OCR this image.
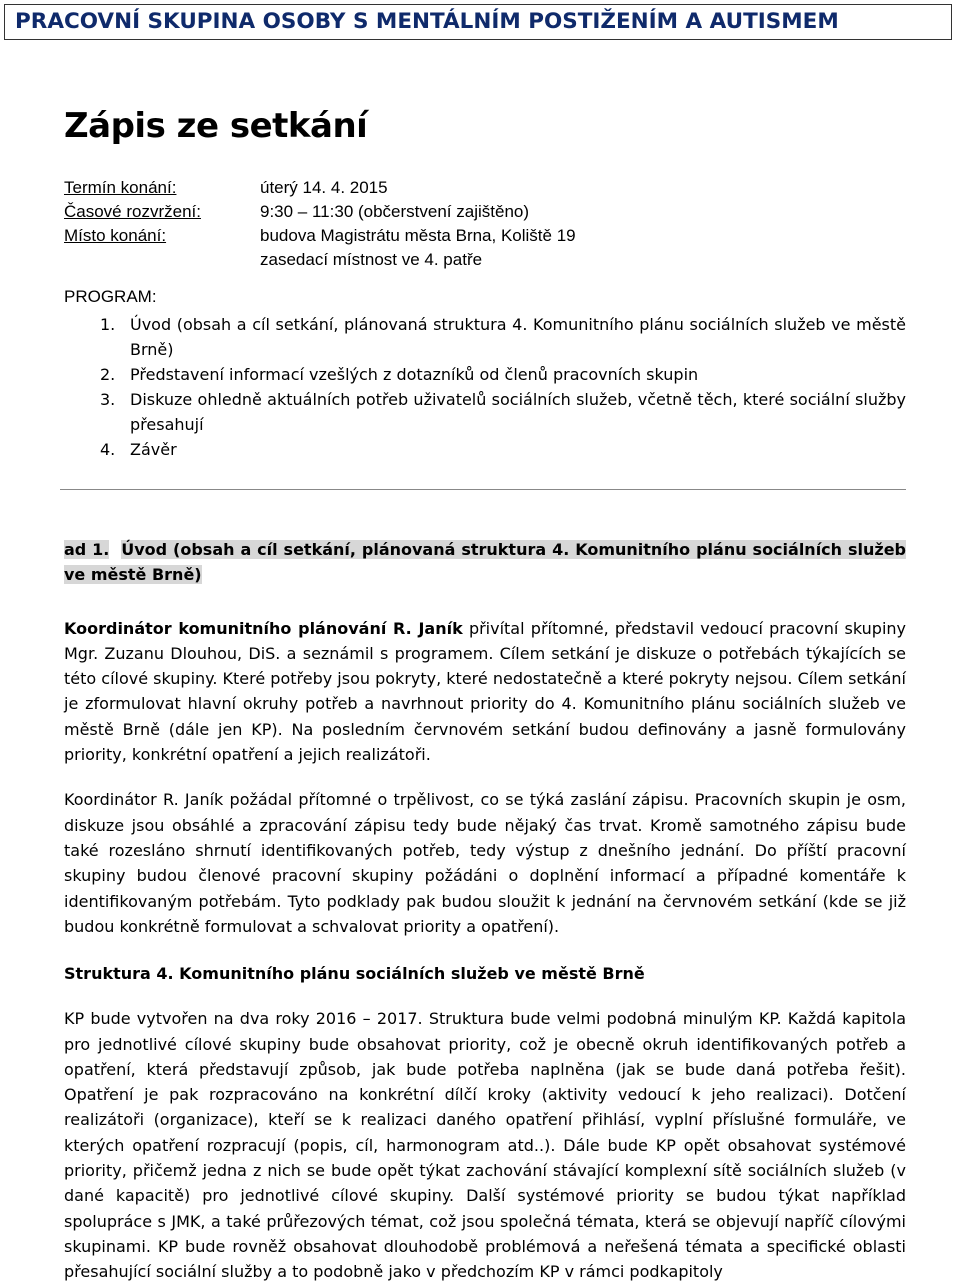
PRACOVNÍ SKUPINA OSOBY S MENTÁLNÍM POSTIŽENÍM A AUTISMEM
Zápis ze setkání
Termín konání:	úterý 14. 4. 2015
Časové rozvržení:	9:30 – 11:30 (občerstvení zajištěno)
Místo konání:	budova Magistrátu města Brna, Koliště 19
zasedací místnost ve 4. patře
PROGRAM:
1. Úvod (obsah a cíl setkání, plánovaná struktura 4. Komunitního plánu sociálních služeb ve městě Brně)
2. Představení informací vzešlých z dotazníků od členů pracovních skupin
3. Diskuze ohledně aktuálních potřeb uživatelů sociálních služeb, včetně těch, které sociální služby přesahují
4. Závěr

ad 1. Úvod (obsah a cíl setkání, plánovaná struktura 4. Komunitního plánu sociálních služeb ve městě Brně)

Koordinátor komunitního plánování R. Janík přivítal přítomné, představil vedoucí pracovní skupiny Mgr. Zuzanu Dlouhou, DiS. a seznámil s programem. Cílem setkání je diskuze o potřebách týkajících se této cílové skupiny. Které potřeby jsou pokryty, které nedostatečně a které pokryty nejsou. Cílem setkání je zformulovat hlavní okruhy potřeb a navrhnout priority do 4. Komunitního plánu sociálních služeb ve městě Brně (dále jen KP). Na posledním červnovém setkání budou definovány a jasně formulovány priority, konkrétní opatření a jejich realizátoři.

Koordinátor R. Janík požádal přítomné o trpělivost, co se týká zaslání zápisu. Pracovních skupin je osm, diskuze jsou obsáhlé a zpracování zápisu tedy bude nějaký čas trvat. Kromě samotného zápisu bude také rozesláno shrnutí identifikovaných potřeb, tedy výstup z dnešního jednání. Do příští pracovní skupiny budou členové pracovní skupiny požádáni o doplnění informací a případné komentáře k identifikovaným potřebám. Tyto podklady pak budou sloužit k jednání na červnovém setkání (kde se již budou konkrétně formulovat a schvalovat priority a opatření).

Struktura 4. Komunitního plánu sociálních služeb ve městě Brně

KP bude vytvořen na dva roky 2016 – 2017. Struktura bude velmi podobná minulým KP. Každá kapitola pro jednotlivé cílové skupiny bude obsahovat priority, což je obecně okruh identifikovaných potřeb a opatření, která představují způsob, jak bude potřeba naplněna (jak se bude daná potřeba řešit). Opatření je pak rozpracováno na konkrétní dílčí kroky (aktivity vedoucí k jeho realizaci). Dotčení realizátoři (organizace), kteří se k realizaci daného opatření přihlásí, vyplní příslušné formuláře, ve kterých opatření rozpracují (popis, cíl, harmonogram atd..). Dále bude KP opět obsahovat systémové priority, přičemž jedna z nich se bude opět týkat zachování stávající komplexní sítě sociálních služeb (v dané kapacitě) pro jednotlivé cílové skupiny. Další systémové priority se budou týkat například spolupráce s JMK, a také průřezových témat, což jsou společná témata, která se objevují napříč cílovými skupinami. KP bude rovněž obsahovat dlouhodobě problémová a neřešená témata a specifické oblasti přesahující sociální služby a to podobně jako v předchozím KP v rámci podkapitoly
